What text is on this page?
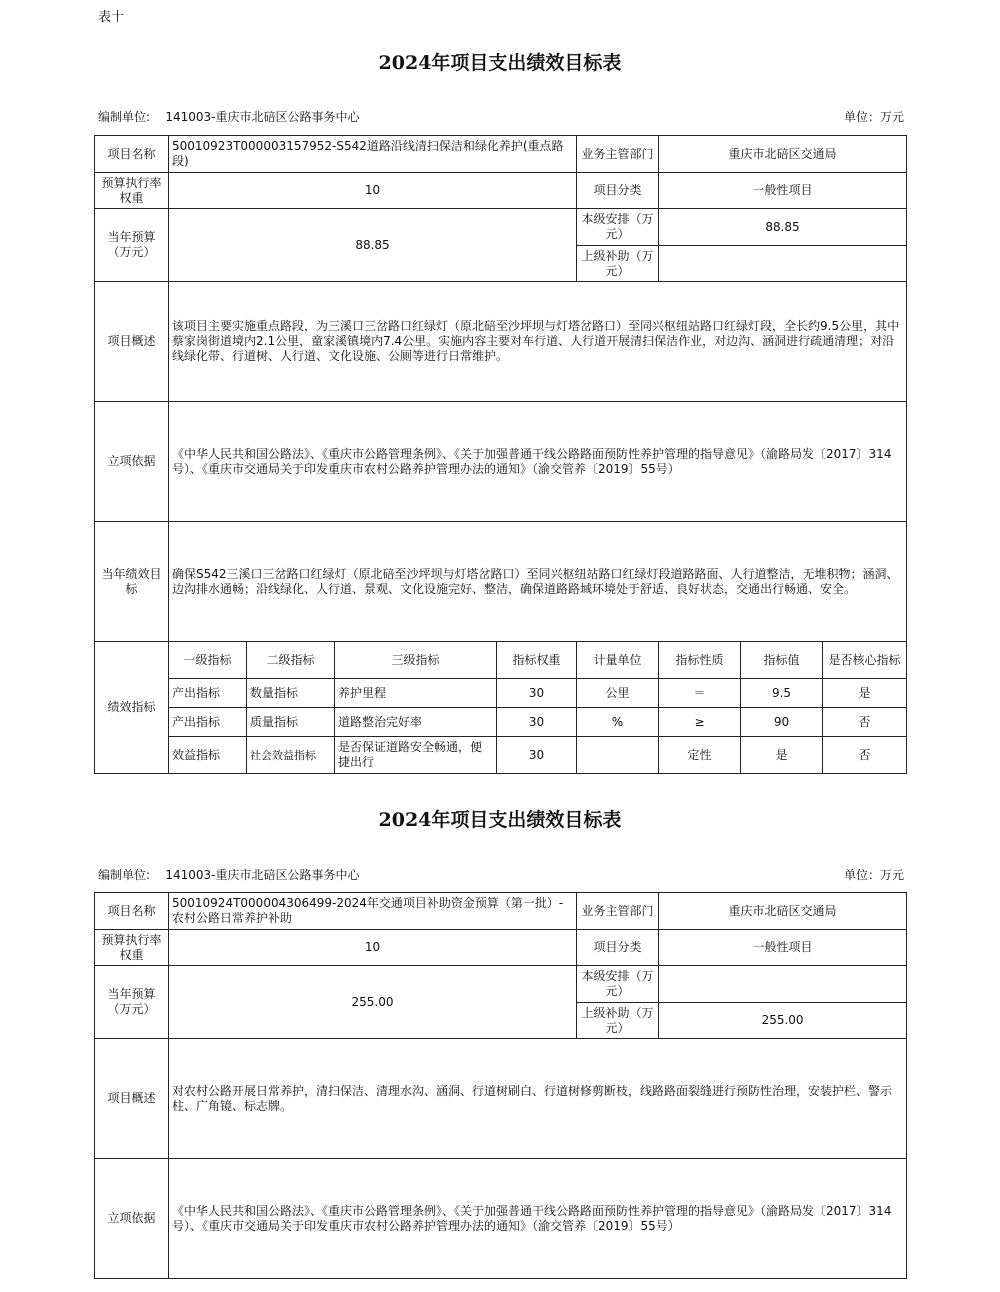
表十
2024年项目支出绩效目标表
编制单位: 141003-重庆市北碚区公路事务中心	单位：万元
项目名称	50010923T000003157952-S542道路沿线清扫保洁和绿化养护(重点路段)				业务主管部门	重庆市北碚区交通局		
预算执行率权重	10				项目分类	一般性项目		
当年预算（万元）	88.85				本级安排（万元）	88.85		
					上级补助（万元）			
项目概述	该项目主要实施重点路段，为三溪口三岔路口红绿灯（原北碚至沙坪坝与灯塔岔路口）至同兴枢纽站路口红绿灯段，全长约9.5公里，其中蔡家岗街道境内2.1公里，童家溪镇境内7.4公里。实施内容主要对车行道、人行道开展清扫保洁作业，对边沟、涵洞进行疏通清理；对沿线绿化带、行道树、人行道、文化设施、公厕等进行日常维护。							
立项依据	《中华人民共和国公路法》、《重庆市公路管理条例》、《关于加强普通干线公路路面预防性养护管理的指导意见》（渝路局发〔2017〕314号）、《重庆市交通局关于印发重庆市农村公路养护管理办法的通知》（渝交管养〔2019〕55号）							
当年绩效目标	确保S542三溪口三岔路口红绿灯（原北碚至沙坪坝与灯塔岔路口）至同兴枢纽站路口红绿灯段道路路面、人行道整洁，无堆积物；涵洞、边沟排水通畅；沿线绿化、人行道、景观、文化设施完好、整洁，确保道路路域环境处于舒适、良好状态，交通出行畅通、安全。							
绩效指标	一级指标	二级指标	三级指标	指标权重	计量单位	指标性质	指标值	是否核心指标
	产出指标	数量指标	养护里程	30	公里	＝	9.5	是
	产出指标	质量指标	道路整治完好率	30	%	≥	90	否
	效益指标	社会效益指标	是否保证道路安全畅通，便捷出行	30		定性	是	否
2024年项目支出绩效目标表
编制单位: 141003-重庆市北碚区公路事务中心	单位：万元
项目名称	50010924T000004306499-2024年交通项目补助资金预算（第一批）-农村公路日常养护补助	业务主管部门	重庆市北碚区交通局
预算执行率权重	10	项目分类	一般性项目
当年预算（万元）	255.00	本级安排（万元）	
		上级补助（万元）	255.00
项目概述	对农村公路开展日常养护，清扫保洁、清理水沟、涵洞、行道树刷白、行道树修剪断枝，线路路面裂缝进行预防性治理，安装护栏、警示柱、广角镜、标志牌。		
立项依据	《中华人民共和国公路法》、《重庆市公路管理条例》、《关于加强普通干线公路路面预防性养护管理的指导意见》（渝路局发〔2017〕314号）、《重庆市交通局关于印发重庆市农村公路养护管理办法的通知》（渝交管养〔2019〕55号）		
